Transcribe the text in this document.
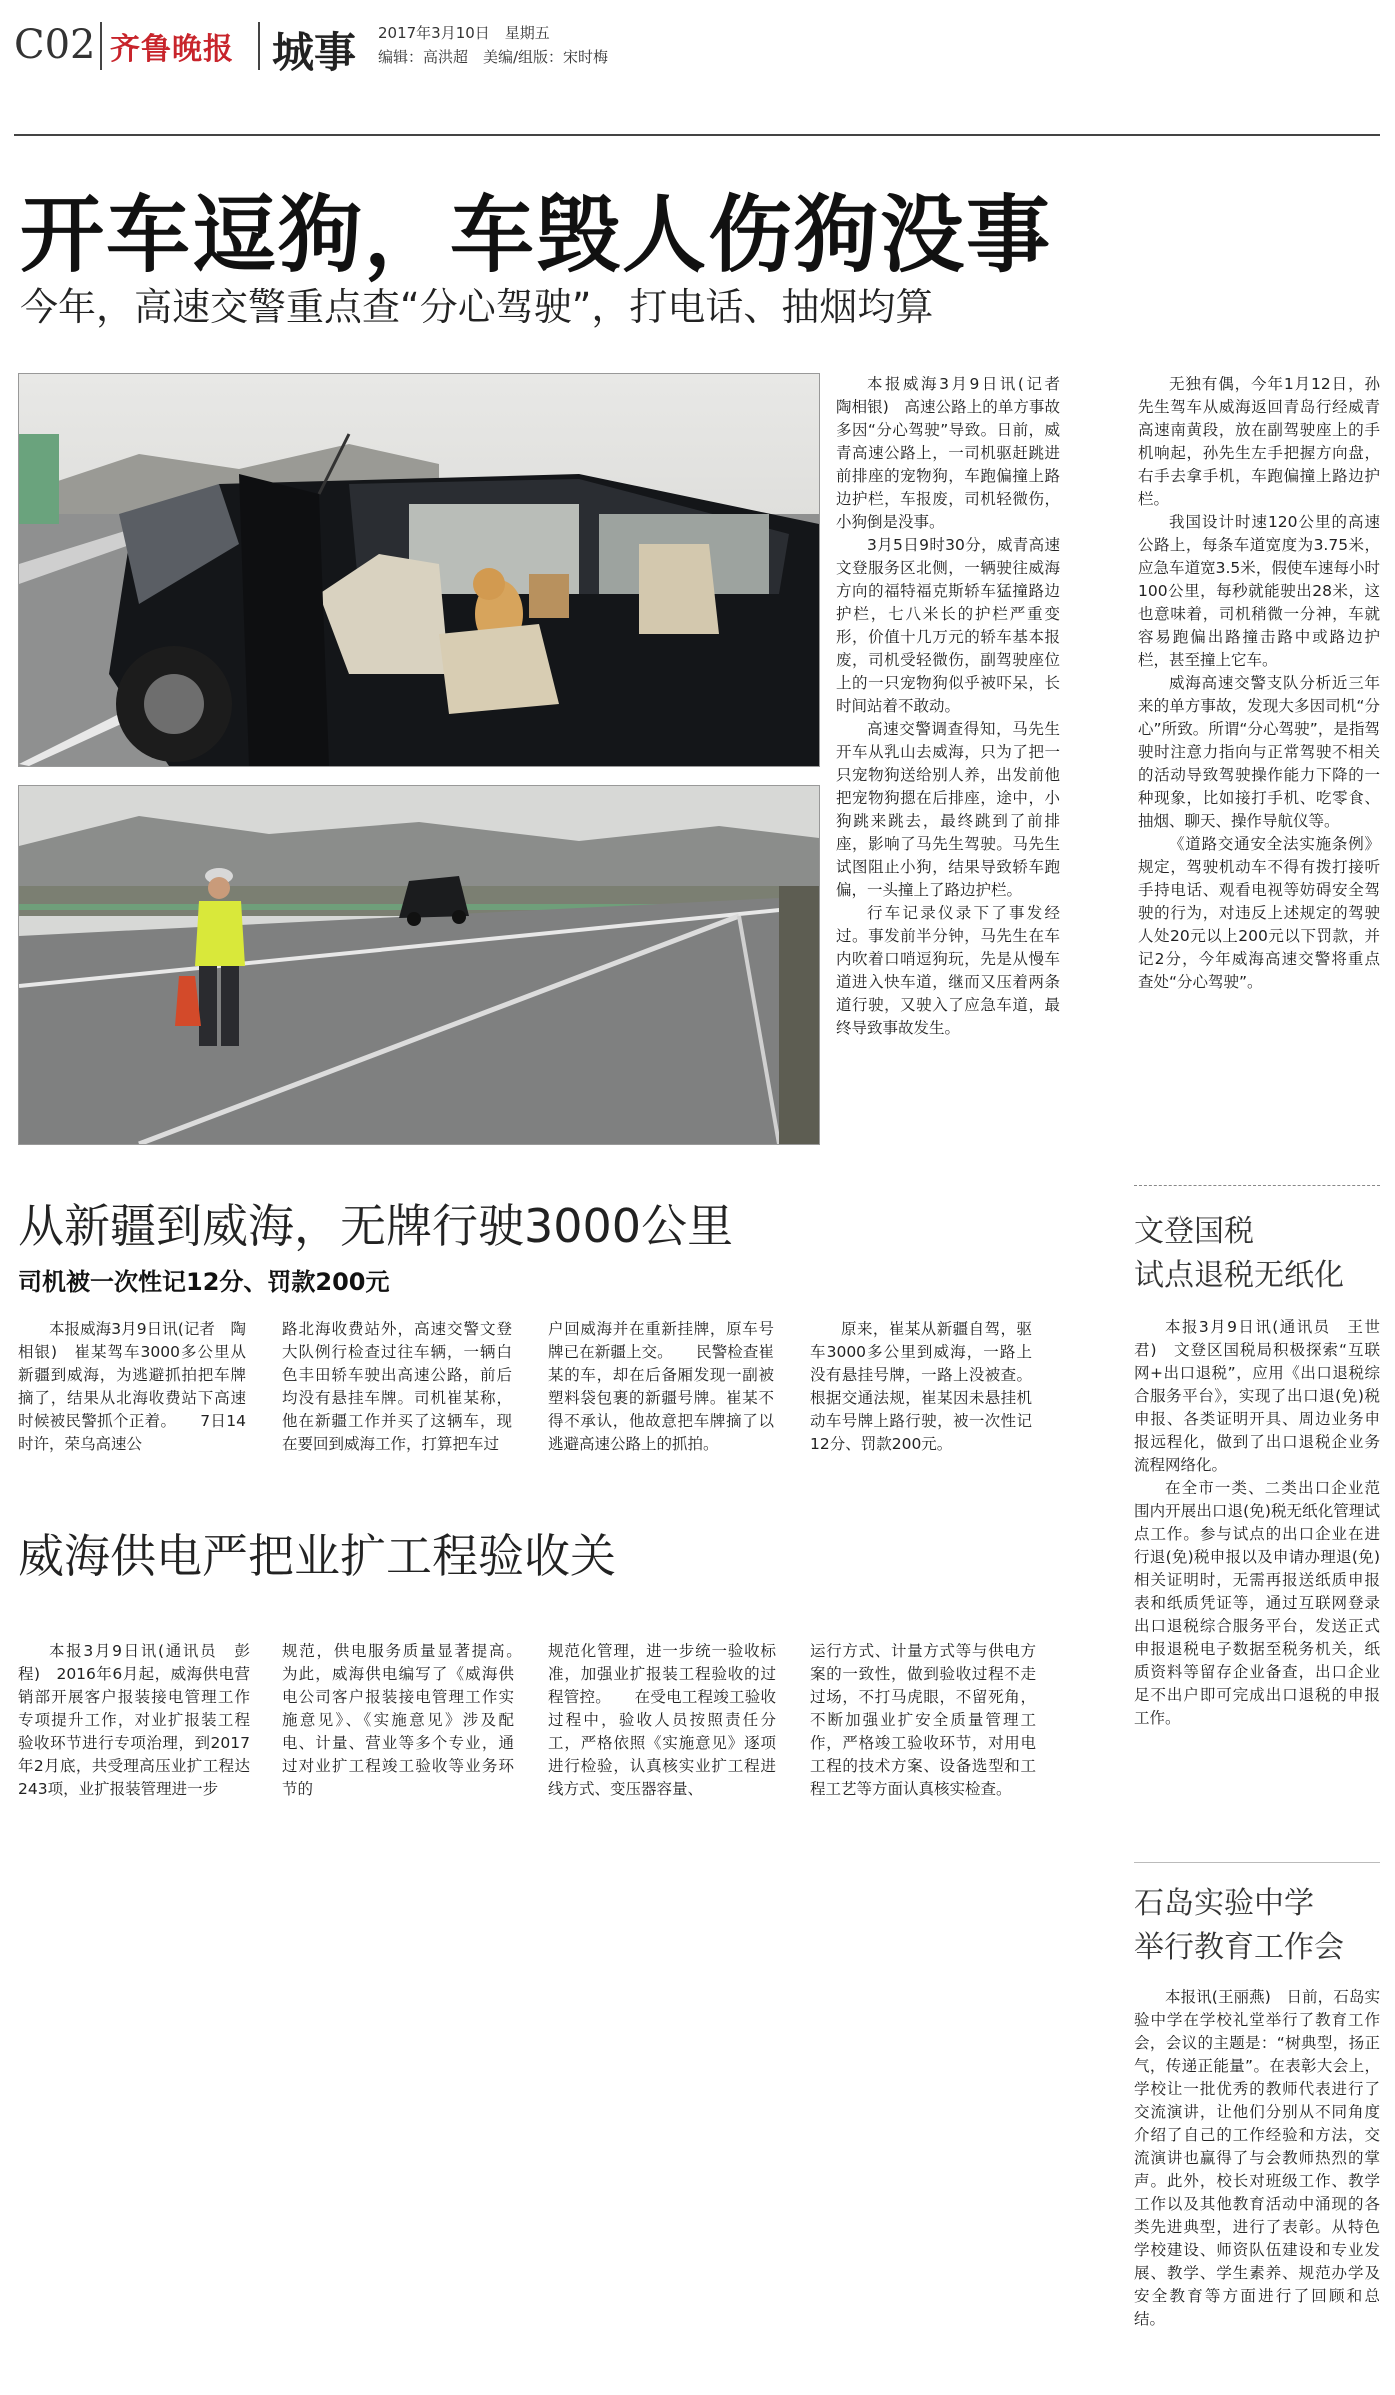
C02 齐鲁晚报 城事 2017年3月10日　星期五
编辑：高洪超　美编/组版：宋时梅
开车逗狗，车毁人伤狗没事
今年，高速交警重点查“分心驾驶”，打电话、抽烟均算

本报威海3月9日讯(记者　陶相银)　高速公路上的单方事故多因“分心驾驶”导致。日前，威青高速公路上，一司机驱赶跳进前排座的宠物狗，车跑偏撞上路边护栏，车报废，司机轻微伤，小狗倒是没事。

3月5日9时30分，威青高速文登服务区北侧，一辆驶往威海方向的福特福克斯轿车猛撞路边护栏，七八米长的护栏严重变形，价值十几万元的轿车基本报废，司机受轻微伤，副驾驶座位上的一只宠物狗似乎被吓呆，长时间站着不敢动。

高速交警调查得知，马先生开车从乳山去威海，只为了把一只宠物狗送给别人养，出发前他把宠物狗摁在后排座，途中，小狗跳来跳去，最终跳到了前排座，影响了马先生驾驶。马先生试图阻止小狗，结果导致轿车跑偏，一头撞上了路边护栏。

行车记录仪录下了事发经过。事发前半分钟，马先生在车内吹着口哨逗狗玩，先是从慢车道进入快车道，继而又压着两条道行驶，又驶入了应急车道，最终导致事故发生。

无独有偶，今年1月12日，孙先生驾车从威海返回青岛行经威青高速南黄段，放在副驾驶座上的手机响起，孙先生左手把握方向盘，右手去拿手机，车跑偏撞上路边护栏。

我国设计时速120公里的高速公路上，每条车道宽度为3.75米，应急车道宽3.5米，假使车速每小时100公里，每秒就能驶出28米，这也意味着，司机稍微一分神，车就容易跑偏出路撞击路中或路边护栏，甚至撞上它车。

威海高速交警支队分析近三年来的单方事故，发现大多因司机“分心”所致。所谓“分心驾驶”，是指驾驶时注意力指向与正常驾驶不相关的活动导致驾驶操作能力下降的一种现象，比如接打手机、吃零食、抽烟、聊天、操作导航仪等。

《道路交通安全法实施条例》规定，驾驶机动车不得有拨打接听手持电话、观看电视等妨碍安全驾驶的行为，对违反上述规定的驾驶人处20元以上200元以下罚款，并记2分，今年威海高速交警将重点查处“分心驾驶”。

从新疆到威海，无牌行驶3000公里
司机被一次性记12分、罚款200元

本报威海3月9日讯(记者　陶相银)　崔某驾车3000多公里从新疆到威海，为逃避抓拍把车牌摘了，结果从北海收费站下高速时候被民警抓个正着。　　7日14时许，荣乌高速公

路北海收费站外，高速交警文登大队例行检查过往车辆，一辆白色丰田轿车驶出高速公路，前后均没有悬挂车牌。司机崔某称，他在新疆工作并买了这辆车，现在要回到威海工作，打算把车过

户回威海并在重新挂牌，原车号牌已在新疆上交。　　民警检查崔某的车，却在后备厢发现一副被塑料袋包裹的新疆号牌。崔某不得不承认，他故意把车牌摘了以逃避高速公路上的抓拍。

原来，崔某从新疆自驾，驱车3000多公里到威海，一路上没有悬挂号牌，一路上没被查。根据交通法规，崔某因未悬挂机动车号牌上路行驶，被一次性记12分、罚款200元。

威海供电严把业扩工程验收关

本报3月9日讯(通讯员　彭程)　2016年6月起，威海供电营销部开展客户报装接电管理工作专项提升工作，对业扩报装工程验收环节进行专项治理，到2017年2月底，共受理高压业扩工程达243项，业扩报装管理进一步

规范，供电服务质量显著提高。　　为此，威海供电编写了《威海供电公司客户报装接电管理工作实施意见》、《实施意见》涉及配电、计量、营业等多个专业，通过对业扩工程竣工验收等业务环节的

规范化管理，进一步统一验收标准，加强业扩报装工程验收的过程管控。　　在受电工程竣工验收过程中，验收人员按照责任分工，严格依照《实施意见》逐项进行检验，认真核实业扩工程进线方式、变压器容量、

运行方式、计量方式等与供电方案的一致性，做到验收过程不走过场，不打马虎眼，不留死角，不断加强业扩安全质量管理工作，严格竣工验收环节，对用电工程的技术方案、设备选型和工程工艺等方面认真核实检查。

文登国税
试点退税无纸化

本报3月9日讯(通讯员　王世君)　文登区国税局积极探索“互联网+出口退税”，应用《出口退税综合服务平台》，实现了出口退(免)税申报、各类证明开具、周边业务申报远程化，做到了出口退税企业务流程网络化。

在全市一类、二类出口企业范围内开展出口退(免)税无纸化管理试点工作。参与试点的出口企业在进行退(免)税申报以及申请办理退(免)相关证明时，无需再报送纸质申报表和纸质凭证等，通过互联网登录出口退税综合服务平台，发送正式申报退税电子数据至税务机关，纸质资料等留存企业备查，出口企业足不出户即可完成出口退税的申报工作。

石岛实验中学
举行教育工作会

本报讯(王丽燕)　日前，石岛实验中学在学校礼堂举行了教育工作会，会议的主题是：“树典型，扬正气，传递正能量”。在表彰大会上，学校让一批优秀的教师代表进行了交流演讲，让他们分别从不同角度介绍了自己的工作经验和方法，交流演讲也赢得了与会教师热烈的掌声。此外，校长对班级工作、教学工作以及其他教育活动中涌现的各类先进典型，进行了表彰。从特色学校建设、师资队伍建设和专业发展、教学、学生素养、规范办学及安全教育等方面进行了回顾和总结。
